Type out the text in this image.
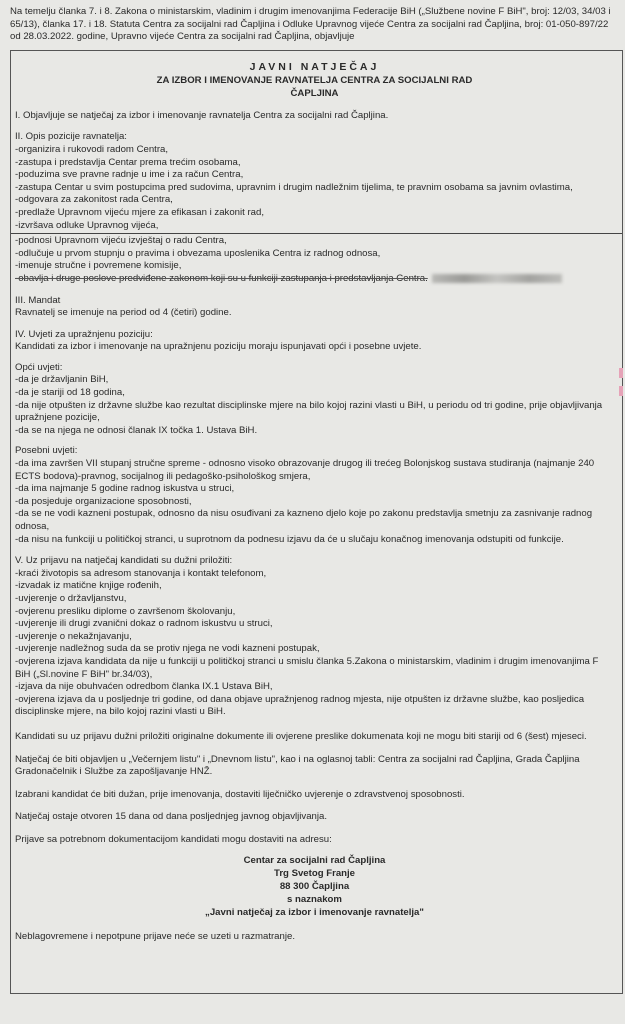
Na temelju članka 7. i 8. Zakona o ministarskim, vladinim i drugim imenovanjima Federacije BiH („Službene novine F BiH", broj: 12/03, 34/03 i 65/13), članka 17. i 18. Statuta Centra za socijalni rad Čapljina i Odluke Upravnog vijeće Centra za socijalni rad Čapljina, broj: 01-050-897/22 od 28.03.2022. godine, Upravno vijeće Centra za socijalni rad Čapljina, objavljuje
JAVNI NATJEČAJ
ZA IZBOR I IMENOVANJE RAVNATELJA CENTRA ZA SOCIJALNI RAD
ČAPLJINA
I. Objavljuje se natječaj za izbor i imenovanje ravnatelja Centra za socijalni rad Čapljina.
II. Opis pozicije ravnatelja:
-organizira i rukovodi radom Centra,
-zastupa i predstavlja Centar prema trećim osobama,
-poduzima sve pravne radnje u ime i za račun Centra,
-zastupa Centar u svim postupcima pred sudovima, upravnim i drugim nadležnim tijelima, te pravnim osobama sa javnim ovlastima,
-odgovara za zakonitost rada Centra,
-predlaže Upravnom vijeću mjere za efikasan i zakonit rad,
-izvršava odluke Upravnog vijeća,
-podnosi Upravnom vijeću izvještaj o radu Centra,
-odlučuje u prvom stupnju o pravima i obvezama uposlenika Centra iz radnog odnosa,
-imenuje stručne i povremene komisije,
-obavlja i druge poslove predviđene zakonom koji su u funkciji zastupanja i predstavljanja Centra.
III. Mandat
Ravnatelj se imenuje na period od 4 (četiri) godine.
IV. Uvjeti za upražnjenu poziciju:
Kandidati za izbor i imenovanje na upražnjenu poziciju moraju ispunjavati opći i posebne uvjete.
Opći uvjeti:
-da je državljanin BiH,
-da je stariji od 18 godina,
-da nije otpušten iz državne službe kao rezultat disciplinske mjere na bilo kojoj razini vlasti u BiH, u periodu od tri godine, prije objavljivanja upražnjene pozicije,
-da se na njega ne odnosi članak IX točka 1. Ustava BiH.
Posebni uvjeti:
-da ima završen VII stupanj stručne spreme - odnosno visoko obrazovanje drugog ili trećeg Bolonjskog sustava studiranja (najmanje 240 ECTS bodova)-pravnog, socijalnog ili pedagoško-psihološkog smjera,
-da ima najmanje 5 godine radnog iskustva u struci,
-da posjeduje organizacione sposobnosti,
-da se ne vodi kazneni postupak, odnosno da nisu osuđivani za kazneno djelo koje po zakonu predstavlja smetnju za zasnivanje radnog odnosa,
-da nisu na funkciji u političkoj stranci, u suprotnom da podnesu izjavu da će u slučaju konačnog imenovanja odstupiti od funkcije.
V. Uz prijavu na natječaj kandidati su dužni priložiti:
-kraći životopis sa adresom stanovanja i kontakt telefonom,
-izvadak iz matične knjige rođenih,
-uvjerenje o državljanstvu,
-ovjerenu presliku diplome o završenom školovanju,
-uvjerenje ili drugi zvanični dokaz o radnom iskustvu u struci,
-uvjerenje o nekažnjavanju,
-uvjerenje nadležnog suda da se protiv njega ne vodi kazneni postupak,
-ovjerena izjava kandidata da nije u funkciji u političkoj stranci u smislu članka 5.Zakona o ministarskim, vladinim i drugim imenovanjima F BiH („Sl.novine F BiH" br.34/03),
-izjava da nije obuhvaćen odredbom članka IX.1 Ustava BiH,
-ovjerena izjava da u posljednje tri godine, od dana objave upražnjenog radnog mjesta, nije otpušten iz državne službe, kao posljedica disciplinske mjere, na bilo kojoj razini vlasti u BiH.
Kandidati su uz prijavu dužni priložiti originalne dokumente ili ovjerene preslike dokumenata koji ne mogu biti stariji od 6 (šest) mjeseci.
Natječaj će biti objavljen u „Večernjem listu" i „Dnevnom listu", kao i na oglasnoj tabli: Centra za socijalni rad Čapljina, Grada Čapljina Gradonačelnik i Službe za zapošljavanje HNŽ.
Izabrani kandidat će biti dužan, prije imenovanja, dostaviti liječničko uvjerenje o zdravstvenoj sposobnosti.
Natječaj ostaje otvoren 15 dana od dana posljednjeg javnog objavljivanja.
Prijave sa potrebnom dokumentacijom kandidati mogu dostaviti na adresu:
Centar za socijalni rad Čapljina
Trg Svetog Franje
88 300 Čapljina
s naznakom
„Javni natječaj za izbor i imenovanje ravnatelja"
Neblagovremene i nepotpune prijave neće se uzeti u razmatranje.
